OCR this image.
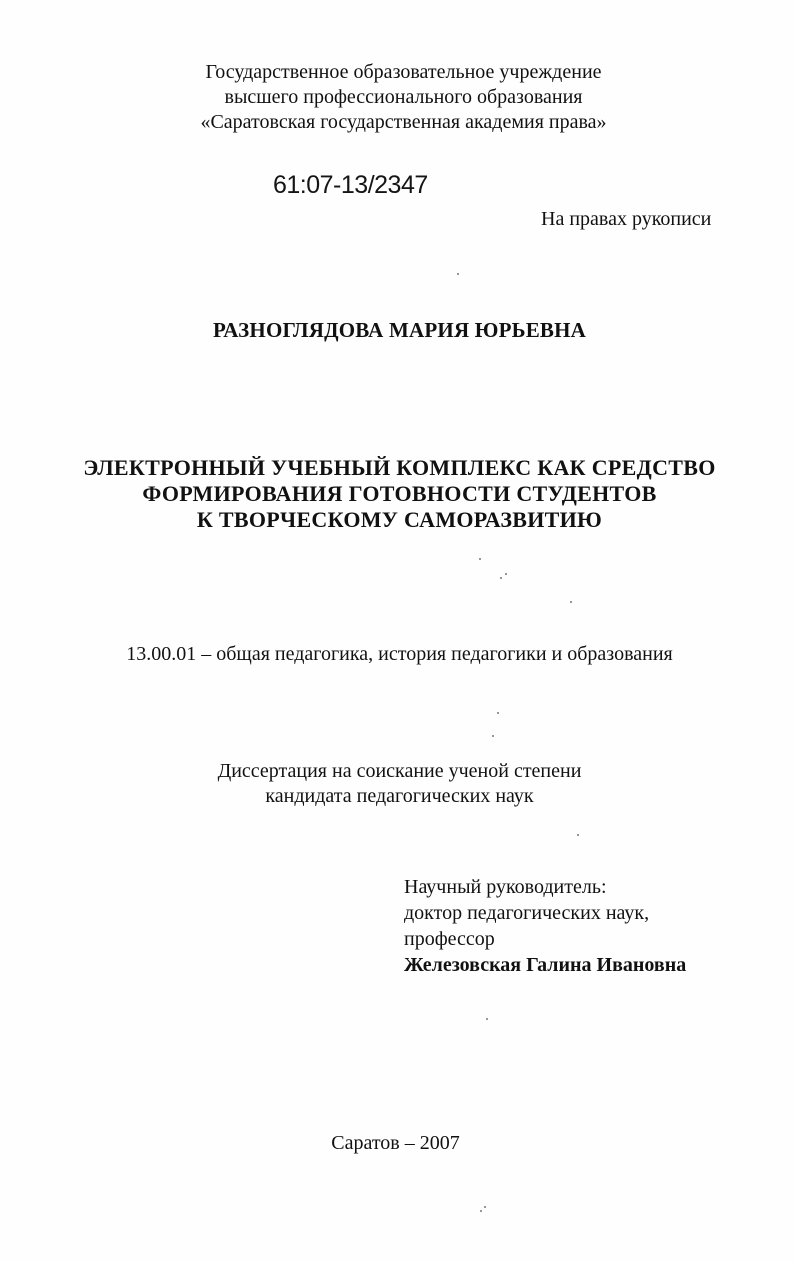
Государственное образовательное учреждение
высшего профессионального образования
«Саратовская государственная академия права»
61:07-13/2347
На правах рукописи
РАЗНОГЛЯДОВА МАРИЯ ЮРЬЕВНА
ЭЛЕКТРОННЫЙ УЧЕБНЫЙ КОМПЛЕКС КАК СРЕДСТВО
ФОРМИРОВАНИЯ ГОТОВНОСТИ СТУДЕНТОВ
К ТВОРЧЕСКОМУ САМОРАЗВИТИЮ
13.00.01 – общая педагогика, история педагогики и образования
Диссертация на соискание ученой степени
кандидата педагогических наук
Научный руководитель:
доктор педагогических наук,
профессор
Железовская Галина Ивановна
Саратов – 2007
